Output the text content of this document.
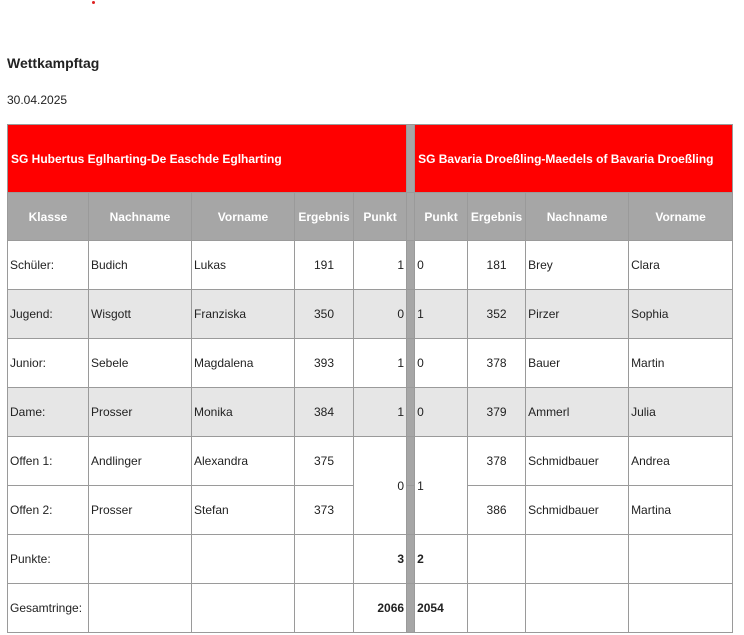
Wettkampftag
30.04.2025
SG Hubertus Eglharting-De Easchde Eglharting						SG Bavaria Droeßling-Maedels of Bavaria Droeßling			
Klasse	Nachname	Vorname	Ergebnis	Punkt		Punkt	Ergebnis	Nachname	Vorname
Schüler:	Budich	Lukas	191	1		0	181	Brey	Clara
Jugend:	Wisgott	Franziska	350	0		1	352	Pirzer	Sophia
Junior:	Sebele	Magdalena	393	1		0	378	Bauer	Martin
Dame:	Prosser	Monika	384	1		0	379	Ammerl	Julia
Offen 1:	Andlinger	Alexandra	375	0		1	378	Schmidbauer	Andrea
Offen 2:	Prosser	Stefan	373				386	Schmidbauer	Martina
Punkte:				3		2			
Gesamtringe:				2066		2054			
